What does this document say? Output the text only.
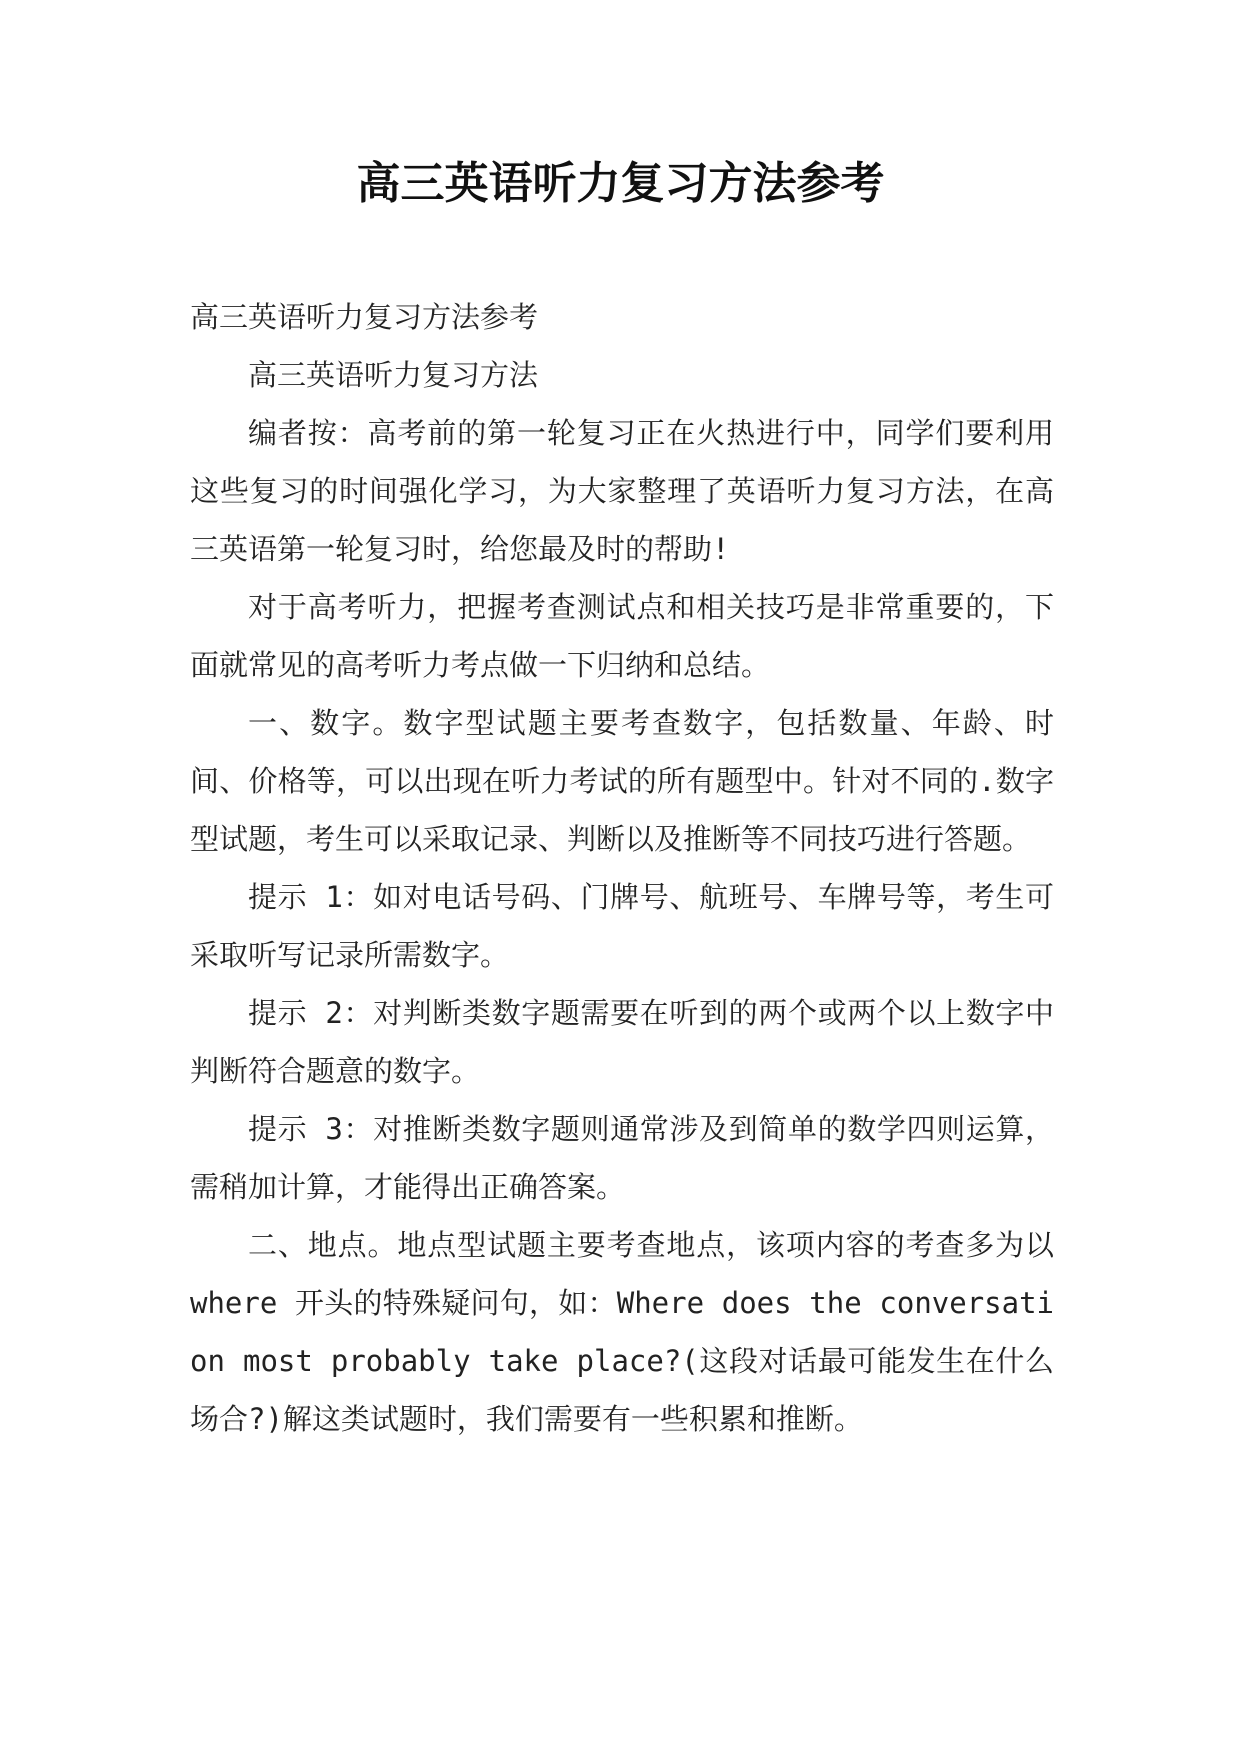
高三英语听力复习方法参考

高三英语听力复习方法参考

高三英语听力复习方法

编者按：高考前的第一轮复习正在火热进行中，同学们要利用这些复习的时间强化学习，为大家整理了英语听力复习方法，在高三英语第一轮复习时，给您最及时的帮助!

对于高考听力，把握考查测试点和相关技巧是非常重要的，下面就常见的高考听力考点做一下归纳和总结。

一、数字。数字型试题主要考查数字，包括数量、年龄、时间、价格等，可以出现在听力考试的所有题型中。针对不同的.数字型试题，考生可以采取记录、判断以及推断等不同技巧进行答题。

提示 1：如对电话号码、门牌号、航班号、车牌号等，考生可采取听写记录所需数字。

提示 2：对判断类数字题需要在听到的两个或两个以上数字中判断符合题意的数字。

提示 3：对推断类数字题则通常涉及到简单的数学四则运算，需稍加计算，才能得出正确答案。

二、地点。地点型试题主要考查地点，该项内容的考查多为以 where 开头的特殊疑问句，如：Where does the conversation most probably take place?(这段对话最可能发生在什么场合?)解这类试题时，我们需要有一些积累和推断。
